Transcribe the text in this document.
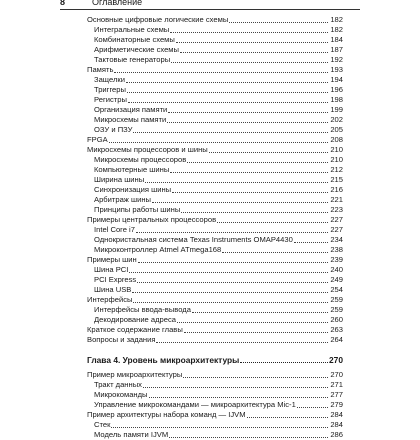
8	Оглавление
Основные цифровые логические схемы	182
Интегральные схемы	182
Комбинаторные схемы	184
Арифметические схемы	187
Тактовые генераторы	192
Память	193
Защелки	194
Триггеры	196
Регистры	198
Организация памяти	199
Микросхемы памяти	202
ОЗУ и ПЗУ	205
FPGA	208
Микросхемы процессоров и шины	210
Микросхемы процессоров	210
Компьютерные шины	212
Ширина шины	215
Синхронизация шины	216
Арбитраж шины	221
Принципы работы шины	223
Примеры центральных процессоров	227
Intel Core i7	227
Однокристальная система Texas Instruments OMAP4430	234
Микроконтроллер Atmel ATmega168	238
Примеры шин	239
Шина PCI	240
PCI Express	249
Шина USB	254
Интерфейсы	259
Интерфейсы ввода-вывода	259
Декодирование адреса	260
Краткое содержание главы	263
Вопросы и задания	264
Глава 4. Уровень микроархитектуры	270
Пример микроархитектуры	270
Тракт данных	271
Микрокоманды	277
Управление микрокомандами — микроархитектура Mic-1	279
Пример архитектуры набора команд — IJVM	284
Стек	284
Модель памяти IJVM	286
